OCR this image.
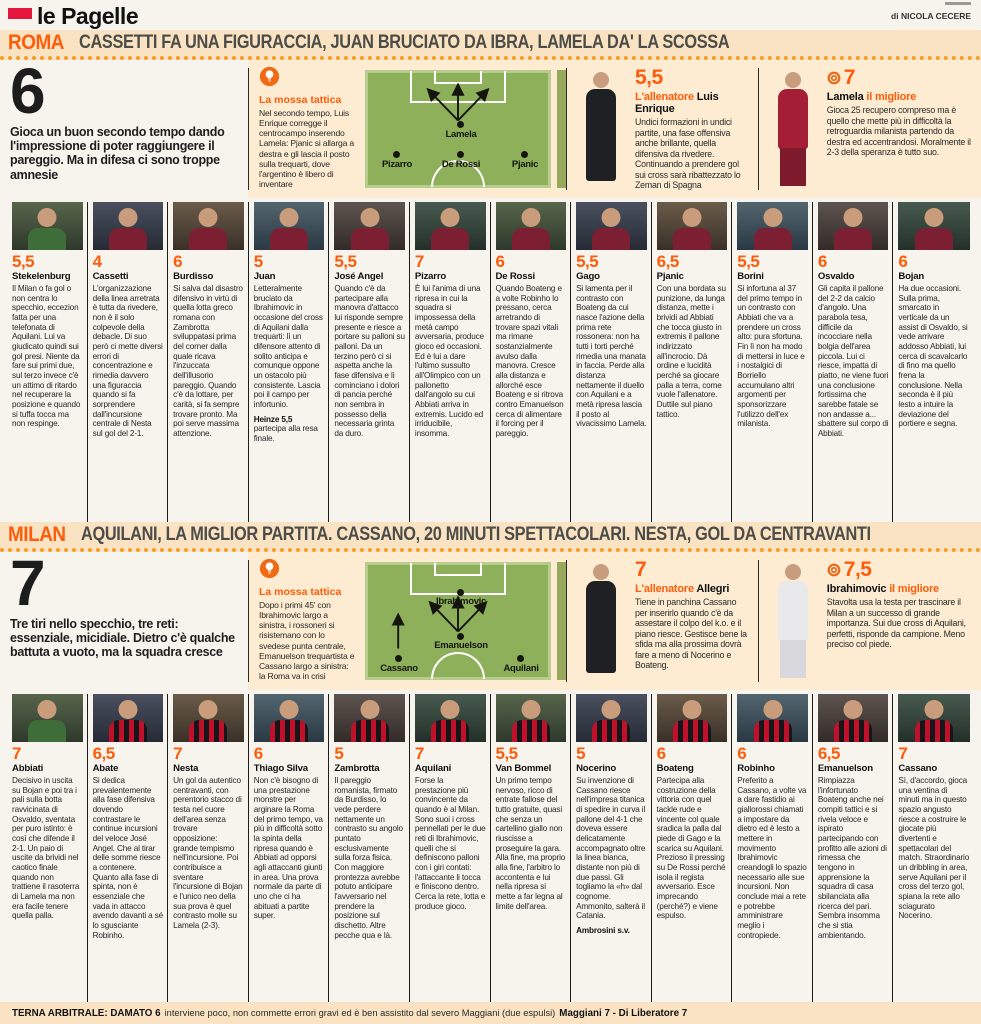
le Pagelle	di NICOLA CECERE
ROMA CASSETTI FA UNA FIGURACCIA, JUAN BRUCIATO DA IBRA, LAMELA DA' LA SCOSSA
6
Gioca un buon secondo tempo dando l'impressione di poter raggiungere il pareggio. Ma in difesa ci sono troppe amnesie
La mossa tattica
Nel secondo tempo, Luis Enrique corregge il centrocampo inserendo Lamela: Pjanic si allarga a destra e gli lascia il posto sulla trequarti, dove l'argentino è libero di inventare
Lamela
Pizarro	De Rossi	Pjanic
5,5
L'allenatore Luis Enrique
Undici formazioni in undici partite, una fase offensiva anche brillante, quella difensiva da rivedere. Continuando a prendere gol sui cross sarà ribattezzato lo Zeman di Spagna
7
Lamela il migliore
Gioca 25 recupero compreso ma è quello che mette più in difficoltà la retroguardia milanista partendo da destra ed accentrandosi. Moralmente il 2-3 della speranza è tutto suo.
5,5
Stekelenburg
Il Milan o fa gol o non centra lo specchio, eccezion fatta per una telefonata di Aquilani. Lui va giudicato quindi sui gol presi. Niente da fare sui primi due, sul terzo invece c'è un attimo di ritardo nel recuperare la posizione e quando si tuffa tocca ma non respinge.
4
Cassetti
L'organizzazione della linea arretrata è tutta da rivedere, non è il solo colpevole della debacle. Di suo però ci mette diversi errori di concentrazione e rimedia davvero una figuraccia quando si fa sorprendere dall'incursione centrale di Nesta sul gol del 2-1.
6
Burdisso
Si salva dal disastro difensivo in virtù di quella lotta greco romana con Zambrotta sviluppatasi prima del corner dalla quale ricava l'inzuccata dell'illusorio pareggio. Quando c'è da lottare, per carità, si fa sempre trovare pronto. Ma poi serve massima attenzione.
5
Juan
Letteralmente bruciato da Ibrahimovic in occasione del cross di Aquilani dalla trequarti: lì un difensore attento di solito anticipa e comunque oppone un ostacolo più consistente. Lascia poi il campo per infortunio.
Heinze 5,5 partecipa alla resa finale.
5,5
José Angel
Quando c'è da partecipare alla manovra d'attacco lui risponde sempre presente e riesce a portare su palloni su palloni. Da un terzino però ci si aspetta anche la fase difensiva e lì cominciano i dolori di pancia perché non sembra in possesso della necessaria grinta da duro.
7
Pizarro
È lui l'anima di una ripresa in cui la squadra si impossessa della metà campo avversaria, produce gioco ed occasioni. Ed è lui a dare l'ultimo sussulto all'Olimpico con un pallonetto dall'angolo su cui Abbiati arriva in extremis. Lucido ed irriducibile, insomma.
6
De Rossi
Quando Boateng e a volte Robinho lo pressano, cerca arretrando di trovare spazi vitali ma rimane sostanzialmente avulso dalla manovra. Cresce alla distanza e allorché esce Boateng e si ritrova contro Emanuelson cerca di alimentare il forcing per il pareggio.
5,5
Gago
Si lamenta per il contrasto con Boateng da cui nasce l'azione della prima rete rossonera: non ha tutti i torti perché rimedia una manata in faccia. Perde alla distanza nettamente il duello con Aquilani e a metà ripresa lascia il posto al vivacissimo Lamela.
6,5
Pjanic
Con una bordata su punizione, da lunga distanza, mette i brividi ad Abbiati che tocca giusto in extremis il pallone indirizzato all'incrocio. Dà ordine e lucidità perché sa giocare palla a terra, come vuole l'allenatore. Duttile sul piano tattico.
5,5
Borini
Si infortuna al 37 del primo tempo in un contrasto con Abbiati che va a prendere un cross alto: pura sfortuna. Fin lì non ha modo di mettersi in luce e i nostalgici di Borriello accumulano altri argomenti per sponsorizzare l'utilizzo dell'ex milanista.
6
Osvaldo
Gli capita il pallone del 2-2 da calcio d'angolo. Una parabola tesa, difficile da incocciare nella bolgia dell'area piccola. Lui ci riesce, impatta di piatto, ne viene fuori una conclusione fortissima che sarebbe fatale se non andasse a... sbattere sul corpo di Abbiati.
6
Bojan
Ha due occasioni. Sulla prima, smarcato in verticale da un assist di Osvaldo, si vede arrivare addosso Abbiati, lui cerca di scavalcarlo di fino ma quello frena la conclusione. Nella seconda è il più lesto a intuire la deviazione del portiere e segna.
MILAN AQUILANI, LA MIGLIOR PARTITA. CASSANO, 20 MINUTI SPETTACOLARI. NESTA, GOL DA CENTRAVANTI
7
Tre tiri nello specchio, tre reti: essenziale, micidiale. Dietro c'è qualche battuta a vuoto, ma la squadra cresce
La mossa tattica
Dopo i primi 45' con Ibrahimovic largo a sinistra, i rossoneri si risistemano con lo svedese punta centrale, Emanuelson trequartista e Cassano largo a sinistra: la Roma va in crisi
Ibrahimovic
Emanuelson
Cassano	Aquilani
7
L'allenatore Allegri
Tiene in panchina Cassano per inserirlo quando c'è da assestare il colpo del k.o. e il piano riesce. Gestisce bene la sfida ma alla prossima dovrà fare a meno di Nocerino e Boateng.
7,5
Ibrahimovic il migliore
Stavolta usa la testa per trascinare il Milan a un successo di grande importanza. Sui due cross di Aquilani, perfetti, risponde da campione. Meno preciso col piede.
7
Abbiati
Decisivo in uscita su Bojan e poi tra i pali sulla botta ravvicinata di Osvaldo, sventata per puro istinto: è così che difende il 2-1. Un paio di uscite da brividi nel caotico finale quando non trattiene il rasoterra di Lamela ma non era facile tenere quella palla.
6,5
Abate
Si dedica prevalentemente alla fase difensiva dovendo contrastare le continue incursioni del veloce José Angel. Che al tirar delle somme riesce a contenere. Quanto alla fase di spinta, non è essenziale che vada in attacco avendo davanti a sé lo sgusciante Robinho.
7
Nesta
Un gol da autentico centravanti, con perentorio stacco di testa nel cuore dell'area senza trovare opposizione: grande tempismo nell'incursione. Poi contribuisce a sventare l'incursione di Bojan e l'unico neo della sua prova è quel contrasto molle su Lamela (2-3).
6
Thiago Silva
Non c'è bisogno di una prestazione monstre per arginare la Roma del primo tempo, va più in difficoltà sotto la spinta della ripresa quando è Abbiati ad opporsi agli attaccanti giunti in area. Una prova normale da parte di uno che ci ha abituati a partite super.
5
Zambrotta
Il pareggio romanista, firmato da Burdisso, lo vede perdere nettamente un contrasto su angolo puntato esclusivamente sulla forza fisica. Con maggiore prontezza avrebbe potuto anticipare l'avversario nel prendere la posizione sul dischetto. Altre pecche qua e là.
7
Aquilani
Forse la prestazione più convincente da quando è al Milan. Sono suoi i cross pennellati per le due reti di Ibrahimovic, quelli che si definiscono palloni con i giri contati: l'attaccante li tocca e finiscono dentro. Cerca la rete, lotta e produce gioco.
5,5
Van Bommel
Un primo tempo nervoso, ricco di entrate fallose del tutto gratuite, quasi che senza un cartellino giallo non riuscisse a proseguire la gara. Alla fine, ma proprio alla fine, l'arbitro lo accontenta e lui nella ripresa si mette a far legna al limite dell'area.
5
Nocerino
Su invenzione di Cassano riesce nell'impresa titanica di spedire in curva il pallone del 4-1 che doveva essere delicatamente accompagnato oltre la linea bianca, distante non più di due passi. Gli togliamo la «h» dal cognome. Ammonito, salterà il Catania.
Ambrosini s.v.
6
Boateng
Partecipa alla costruzione della vittoria con quel tackle rude e vincente col quale sradica la palla dal piede di Gago e la scarica su Aquilani. Prezioso il pressing su De Rossi perché isola il regista avversario. Esce imprecando (perché?) e viene espulso.
6
Robinho
Preferito a Cassano, a volte va a dare fastidio ai giallorossi chiamati a impostare da dietro ed è lesto a mettere in movimento Ibrahimovic creandogli lo spazio necessario alle sue incursioni. Non conclude mai a rete e potrebbe amministrare meglio i contropiede.
6,5
Emanuelson
Rimpiazza l'infortunato Boateng anche nei compiti tattici e si rivela veloce e ispirato partecipando con profitto alle azioni di rimessa che tengono in apprensione la squadra di casa sbilanciata alla ricerca del pari. Sembra insomma che si stia ambientando.
7
Cassano
Sì, d'accordo, gioca una ventina di minuti ma in questo spazio angusto riesce a costruire le giocate più divertenti e spettacolari del match. Straordinario un dribbling in area, serve Aquilani per il cross del terzo gol, spiana la rete allo sciagurato Nocerino.
TERNA ARBITRALE: DAMATO 6 interviene poco, non commette errori gravi ed è ben assistito dal severo Maggiani (due espulsi) Maggiani 7 - Di Liberatore 7
